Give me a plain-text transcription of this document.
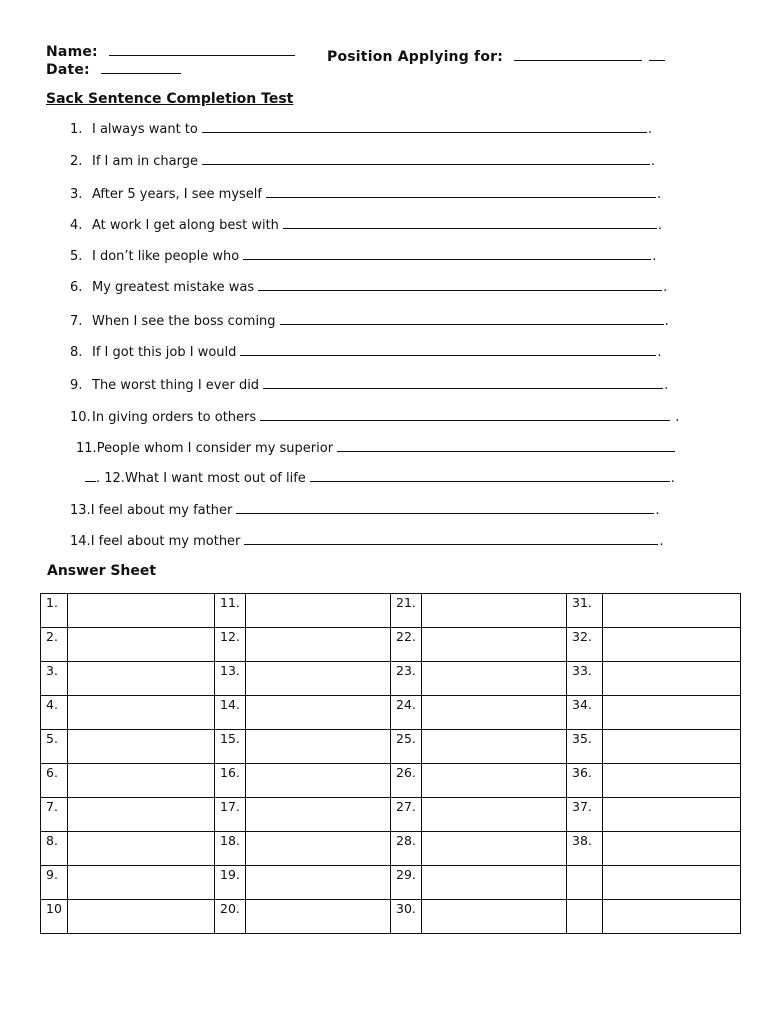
Name:
Date:
Position Applying for:
Sack Sentence Completion Test
1. I always want to	.
2. If I am in charge	.
3. After 5 years, I see myself	.
4. At work I get along best with	.
5. I don’t like people who	.
6. My greatest mistake was	.
7. When I see the boss coming	.
8. If I got this job I would	.
9. The worst thing I ever did	.
10.In giving orders to others	.
11.People whom I consider my superior
. 12.What I want most out of life	.
13.I feel about my father	.
14.I feel about my mother	.
Answer Sheet
1.		11.		21.		31.	
2.		12.		22.		32.	
3.		13.		23.		33.	
4.		14.		24.		34.	
5.		15.		25.		35.	
6.		16.		26.		36.	
7.		17.		27.		37.	
8.		18.		28.		38.	
9.		19.		29.			
10		20.		30.			
